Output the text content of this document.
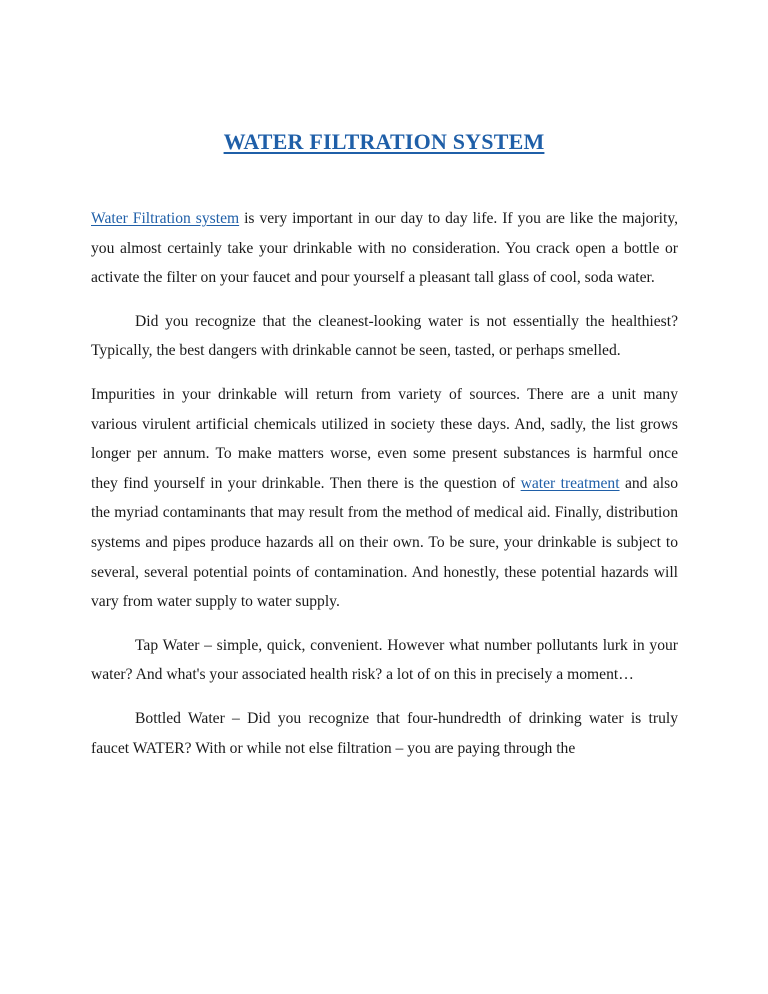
WATER FILTRATION SYSTEM

Water Filtration system is very important in our day to day life. If you are like the majority, you almost certainly take your drinkable with no consideration. You crack open a bottle or activate the filter on your faucet and pour yourself a pleasant tall glass of cool, soda water.

Did you recognize that the cleanest-looking water is not essentially the healthiest? Typically, the best dangers with drinkable cannot be seen, tasted, or perhaps smelled.

Impurities in your drinkable will return from variety of sources. There are a unit many various virulent artificial chemicals utilized in society these days. And, sadly, the list grows longer per annum. To make matters worse, even some present substances is harmful once they find yourself in your drinkable. Then there is the question of water treatment and also the myriad contaminants that may result from the method of medical aid. Finally, distribution systems and pipes produce hazards all on their own. To be sure, your drinkable is subject to several, several potential points of contamination. And honestly, these potential hazards will vary from water supply to water supply.

Tap Water – simple, quick, convenient. However what number pollutants lurk in your water? And what's your associated health risk? a lot of on this in precisely a moment…

Bottled Water – Did you recognize that four-hundredth of drinking water is truly faucet WATER? With or while not else filtration – you are paying through the
